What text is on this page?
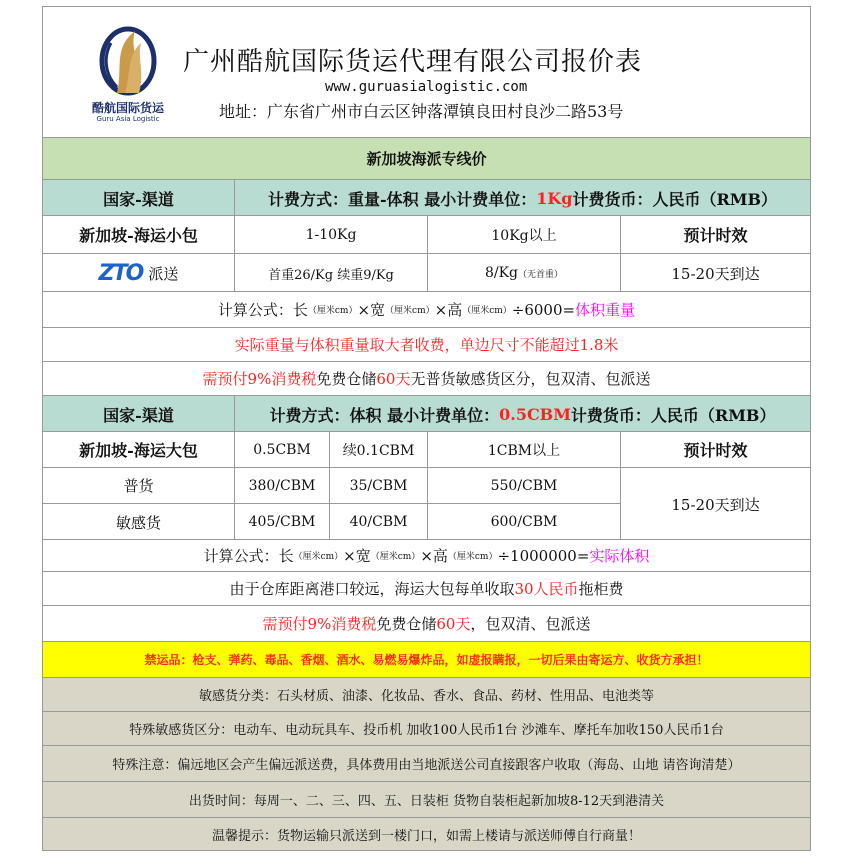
酷航国际货运
Guru Asia Logistic
广州酷航国际货运代理有限公司报价表
www.guruasialogistic.com
地址：广东省广州市白云区钟落潭镇良田村良沙二路53号
新加坡海派专线价
国家-渠道	计费方式：重量-体积 最小计费单位： 1Kg 计费货币：人民币（RMB）
新加坡-海运小包	1-10Kg	10Kg以上	预计时效
ZTO 派送	首重26/Kg 续重9/Kg	8/Kg （无首重）	15-20天到达
计算公式：长 （厘米cm） ×宽 （厘米cm） ×高 （厘米cm） ÷6000= 体积重量
实际重量与体积重量取大者收费，单边尺寸不能超过1.8米
需预付9%消费税 免费仓储 60天 无普货敏感货区分，包双清、包派送
国家-渠道	计费方式：体积 最小计费单位： 0.5CBM 计费货币：人民币（RMB）
新加坡-海运大包	0.5CBM	续0.1CBM	1CBM以上	预计时效
普货	380/CBM	35/CBM	550/CBM
敏感货	405/CBM	40/CBM	600/CBM
15-20天到达
计算公式：长 （厘米cm） ×宽 （厘米cm） ×高 （厘米cm） ÷1000000= 实际体积
由于仓库距离港口较远，海运大包每单收取 30人民币 拖柜费
需预付9%消费税 免费仓储 60天 ，包双清、包派送
禁运品：枪支、弹药、毒品、香烟、酒水、易燃易爆炸品，如虚报瞒报，一切后果由寄运方、收货方承担！
敏感货分类：石头材质、油漆、化妆品、香水、食品、药材、性用品、电池类等
特殊敏感货区分：电动车、电动玩具车、投币机 加收100人民币1台 沙滩车、摩托车加收150人民币1台
特殊注意：偏远地区会产生偏远派送费，具体费用由当地派送公司直接跟客户收取（海岛、山地 请咨询清楚）
出货时间：每周一、二、三、四、五、日装柜 货物自装柜起新加坡8-12天到港清关
温馨提示：货物运输只派送到一楼门口，如需上楼请与派送师傅自行商量！
